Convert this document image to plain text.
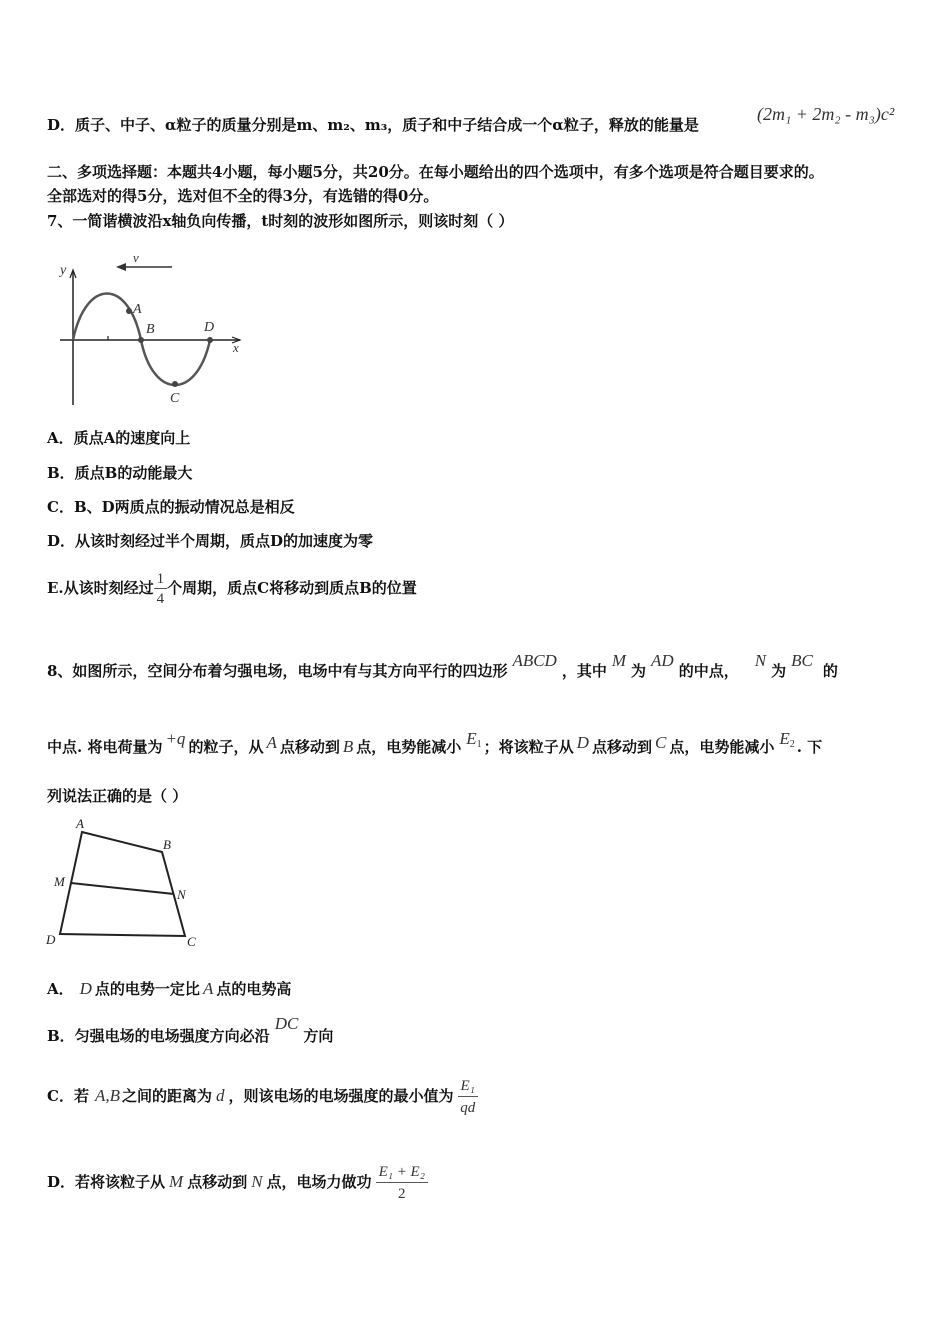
D．质子、中子、α粒子的质量分别是m、m₂、m₃，质子和中子结合成一个α粒子，释放的能量是
(2m₁ + 2m₂ - m₃)c²
二、多项选择题：本题共4小题，每小题5分，共20分。在每小题给出的四个选项中，有多个选项是符合题目要求的。
全部选对的得5分，选对但不全的得3分，有选错的得0分。
7、一简谐横波沿x轴负向传播，t时刻的波形如图所示，则该时刻（ ）
y
x
v
A
B
C
D
A．质点A的速度向上
B．质点B的动能最大
C．B、D两质点的振动情况总是相反
D．从该时刻经过半个周期，质点D的加速度为零
E.从该时刻经过 $\frac{1}{4}$ 个周期，质点C将移动到质点B的位置
8、如图所示，空间分布着匀强电场，电场中有与其方向平行的四边形ABCD，其中M为AD的中点，N为BC的
中点. 将电荷量为 +q 的粒子，从 A 点移动到 B 点，电势能减小 $E_1$ ；将该粒子从 D 点移动到 C 点，电势能减小 $E_2$ . 下
列说法正确的是（ ）
A
B
C
D
M
N
A． D 点的电势一定比 A 点的电势高
B．匀强电场的电场强度方向必沿DC方向
C．若 A,B 之间的距离为 d ，则该电场的电场强度的最小值为 $\frac{\text{E₁}}{qd}$
D．若将该粒子从 M 点移动到 N 点，电场力做功 $\frac{\text{E₁ + E₂}}{2}$
